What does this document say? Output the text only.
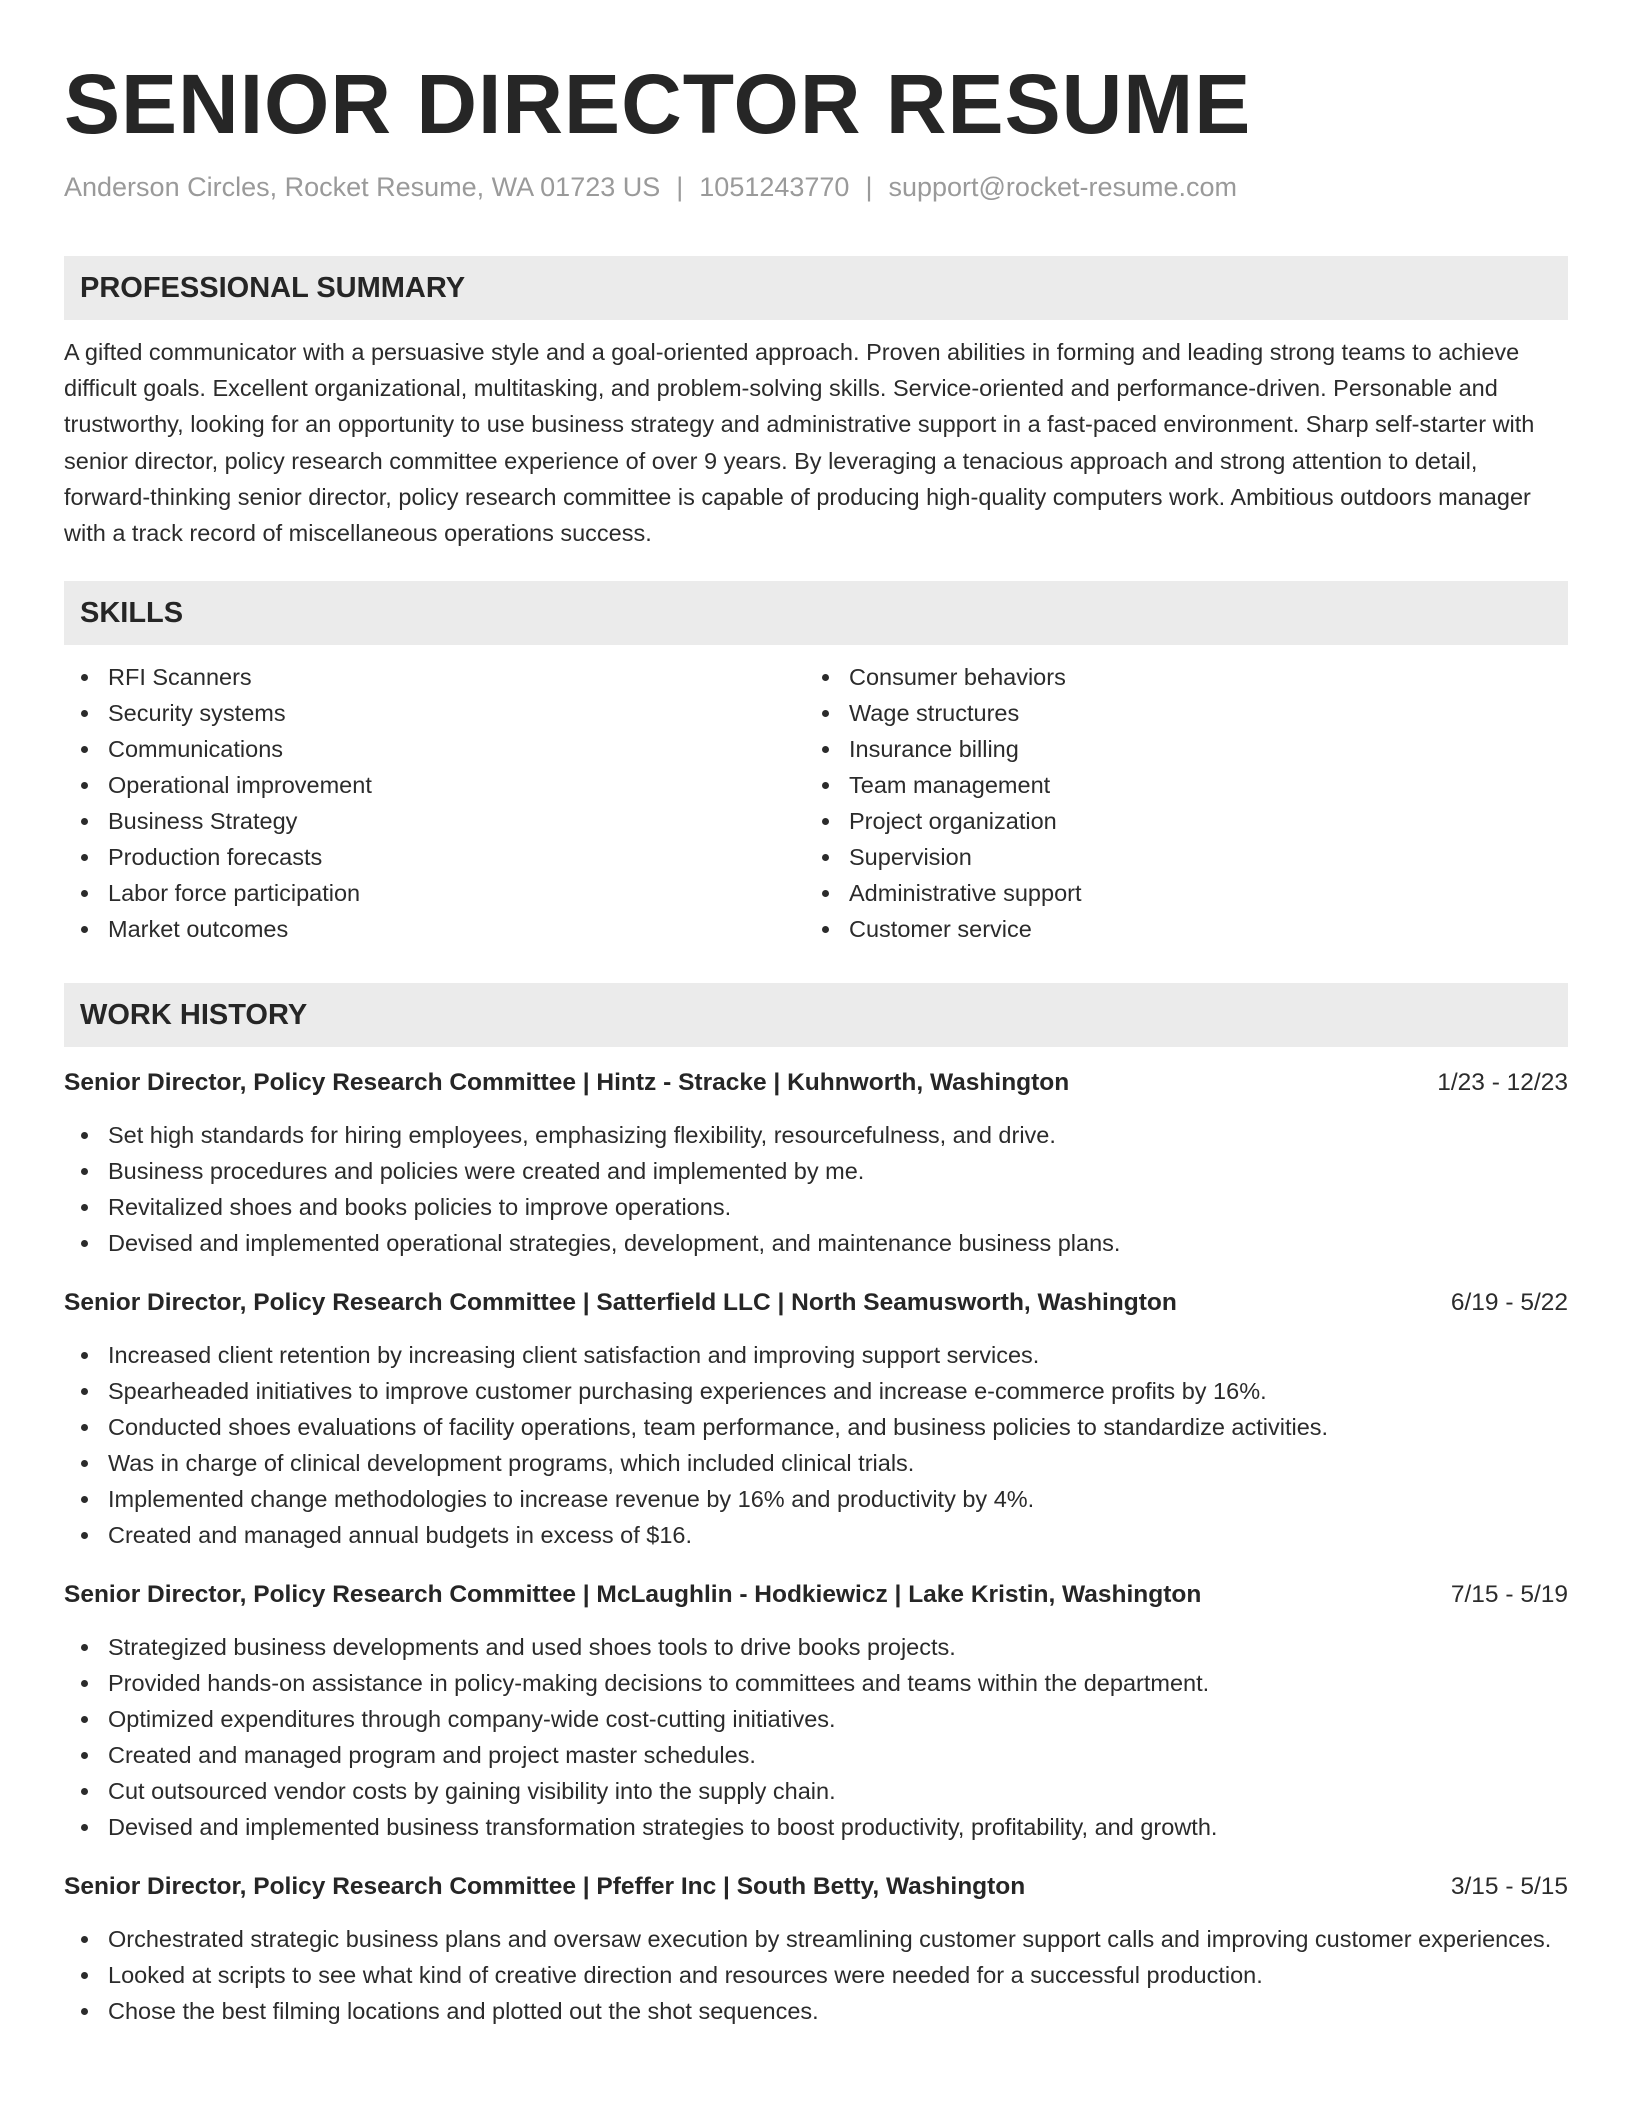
SENIOR DIRECTOR RESUME
Anderson Circles, Rocket Resume, WA 01723 US | 1051243770 | support@rocket-resume.com
PROFESSIONAL SUMMARY
A gifted communicator with a persuasive style and a goal-oriented approach. Proven abilities in forming and leading strong teams to achieve difficult goals. Excellent organizational, multitasking, and problem-solving skills. Service-oriented and performance-driven. Personable and trustworthy, looking for an opportunity to use business strategy and administrative support in a fast-paced environment. Sharp self-starter with senior director, policy research committee experience of over 9 years. By leveraging a tenacious approach and strong attention to detail, forward-thinking senior director, policy research committee is capable of producing high-quality computers work. Ambitious outdoors manager with a track record of miscellaneous operations success.
SKILLS
RFI Scanners
Security systems
Communications
Operational improvement
Business Strategy
Production forecasts
Labor force participation
Market outcomes
Consumer behaviors
Wage structures
Insurance billing
Team management
Project organization
Supervision
Administrative support
Customer service
WORK HISTORY
Senior Director, Policy Research Committee | Hintz - Stracke | Kuhnworth, Washington	1/23 - 12/23
Set high standards for hiring employees, emphasizing flexibility, resourcefulness, and drive.
Business procedures and policies were created and implemented by me.
Revitalized shoes and books policies to improve operations.
Devised and implemented operational strategies, development, and maintenance business plans.
Senior Director, Policy Research Committee | Satterfield LLC | North Seamusworth, Washington	6/19 - 5/22
Increased client retention by increasing client satisfaction and improving support services.
Spearheaded initiatives to improve customer purchasing experiences and increase e-commerce profits by 16%.
Conducted shoes evaluations of facility operations, team performance, and business policies to standardize activities.
Was in charge of clinical development programs, which included clinical trials.
Implemented change methodologies to increase revenue by 16% and productivity by 4%.
Created and managed annual budgets in excess of $16.
Senior Director, Policy Research Committee | McLaughlin - Hodkiewicz | Lake Kristin, Washington	7/15 - 5/19
Strategized business developments and used shoes tools to drive books projects.
Provided hands-on assistance in policy-making decisions to committees and teams within the department.
Optimized expenditures through company-wide cost-cutting initiatives.
Created and managed program and project master schedules.
Cut outsourced vendor costs by gaining visibility into the supply chain.
Devised and implemented business transformation strategies to boost productivity, profitability, and growth.
Senior Director, Policy Research Committee | Pfeffer Inc | South Betty, Washington	3/15 - 5/15
Orchestrated strategic business plans and oversaw execution by streamlining customer support calls and improving customer experiences.
Looked at scripts to see what kind of creative direction and resources were needed for a successful production.
Chose the best filming locations and plotted out the shot sequences.
